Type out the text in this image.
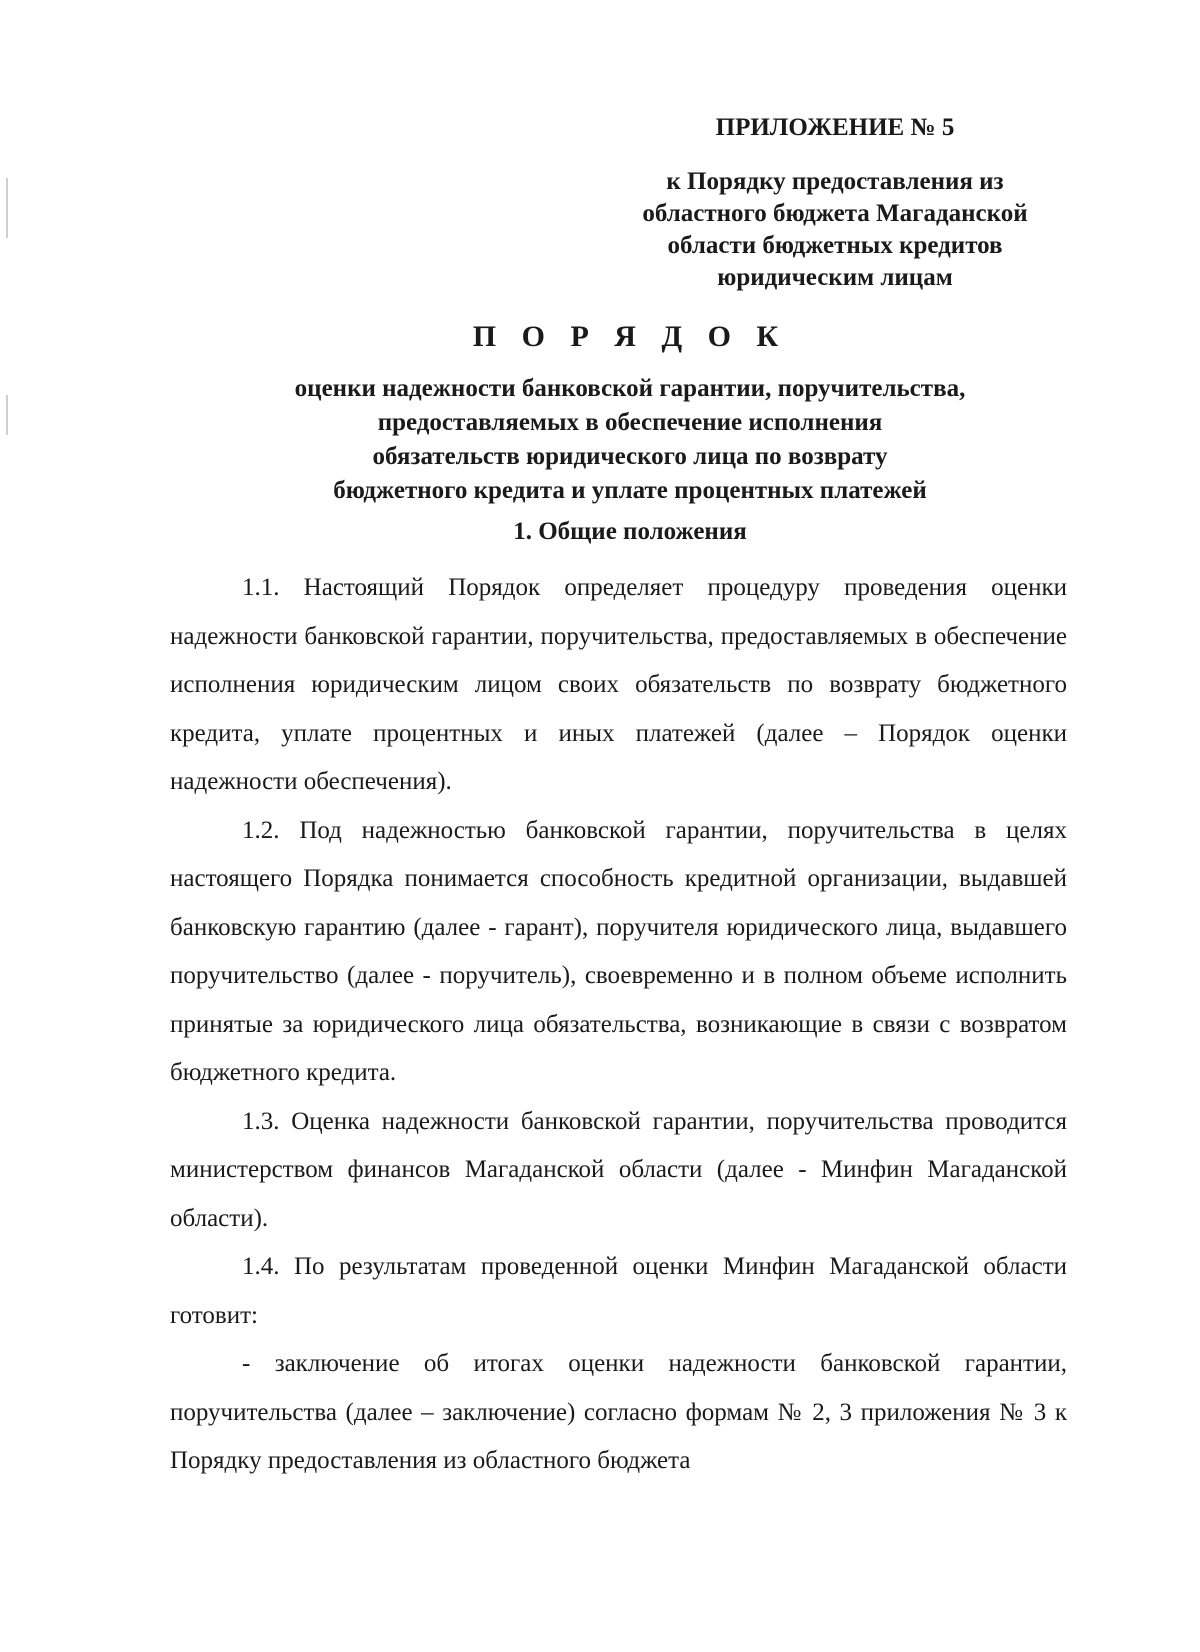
ПРИЛОЖЕНИЕ № 5
к Порядку предоставления из
областного бюджета Магаданской
области бюджетных кредитов
юридическим лицам
П О Р Я Д О К
оценки надежности банковской гарантии, поручительства,
предоставляемых в обеспечение исполнения
обязательств юридического лица по возврату
бюджетного кредита и уплате процентных платежей
1. Общие положения

1.1. Настоящий Порядок определяет процедуру проведения оценки надежности банковской гарантии, поручительства, предоставляемых в обеспечение исполнения юридическим лицом своих обязательств по возврату бюджетного кредита, уплате процентных и иных платежей (далее – Порядок оценки надежности обеспечения).

1.2. Под надежностью банковской гарантии, поручительства в целях настоящего Порядка понимается способность кредитной организации, выдавшей банковскую гарантию (далее - гарант), поручителя юридического лица, выдавшего поручительство (далее - поручитель), своевременно и в полном объеме исполнить принятые за юридического лица обязательства, возникающие в связи с возвратом бюджетного кредита.

1.3. Оценка надежности банковской гарантии, поручительства проводится министерством финансов Магаданской области (далее - Минфин Магаданской области).

1.4. По результатам проведенной оценки Минфин Магаданской области готовит:

- заключение об итогах оценки надежности банковской гарантии, поручительства (далее – заключение) согласно формам № 2, 3 приложения № 3 к Порядку предоставления из областного бюджета
